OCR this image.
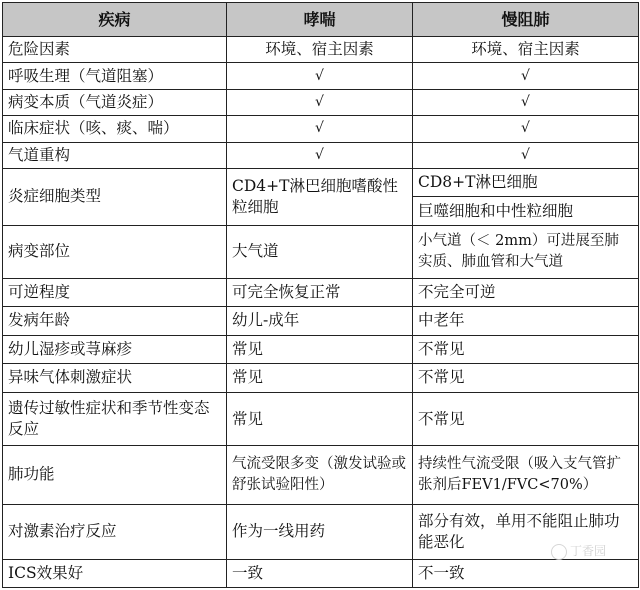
疾病	哮喘	慢阻肺
危险因素	环境、宿主因素	环境、宿主因素
呼吸生理（气道阻塞）	√	√
病变本质（气道炎症）	√	√
临床症状（咳、痰、喘）	√	√
气道重构	√	√
炎症细胞类型	CD4+T淋巴细胞嗜酸性粒细胞	CD8+T淋巴细胞
		巨噬细胞和中性粒细胞
病变部位	大气道	小气道（＜ 2mm）可进展至肺实质、肺血管和大气道
可逆程度	可完全恢复正常	不完全可逆
发病年龄	幼儿-成年	中老年
幼儿湿疹或荨麻疹	常见	不常见
异味气体刺激症状	常见	不常见
遗传过敏性症状和季节性变态反应	常见	不常见
肺功能	气流受限多变（激发试验或舒张试验阳性）	持续性气流受限（吸入支气管扩张剂后FEV1/FVC<70%）
对激素治疗反应	作为一线用药	部分有效，单用不能阻止肺功能恶化
ICS效果好	一致	不一致
丁香园
